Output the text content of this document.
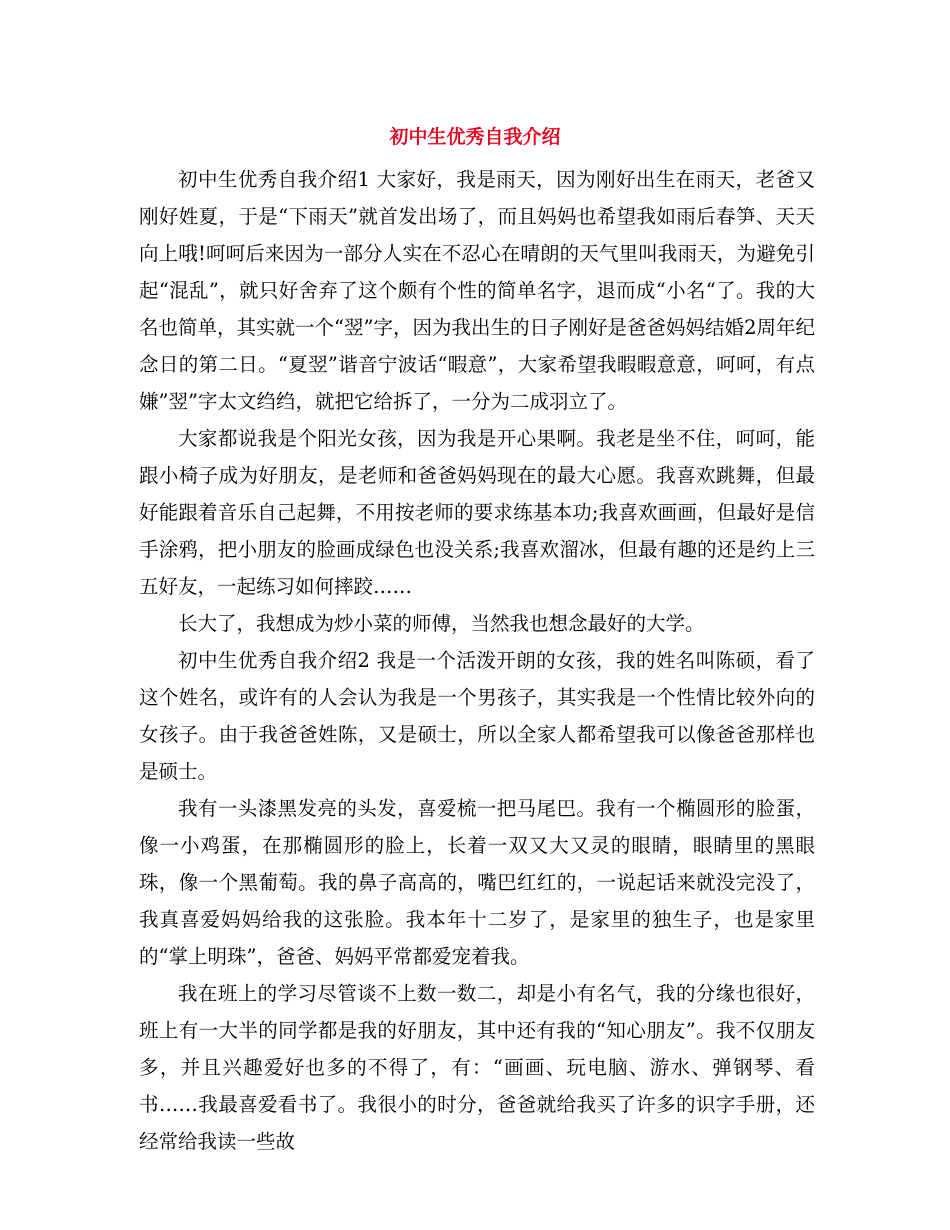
初中生优秀自我介绍

初中生优秀自我介绍1 大家好，我是雨天，因为刚好出生在雨天，老爸又刚好姓夏，于是“下雨天”就首发出场了，而且妈妈也希望我如雨后春笋、天天向上哦!呵呵后来因为一部分人实在不忍心在晴朗的天气里叫我雨天，为避免引起“混乱”，就只好舍弃了这个颇有个性的简单名字，退而成“小名“了。我的大名也简单，其实就一个“翌”字，因为我出生的日子刚好是爸爸妈妈结婚2周年纪念日的第二日。“夏翌”谐音宁波话“暇意”，大家希望我暇暇意意，呵呵，有点嫌”翌”字太文绉绉，就把它给拆了，一分为二成羽立了。

大家都说我是个阳光女孩，因为我是开心果啊。我老是坐不住，呵呵，能跟小椅子成为好朋友，是老师和爸爸妈妈现在的最大心愿。我喜欢跳舞，但最好能跟着音乐自己起舞，不用按老师的要求练基本功;我喜欢画画，但最好是信手涂鸦，把小朋友的脸画成绿色也没关系;我喜欢溜冰，但最有趣的还是约上三五好友，一起练习如何摔跤……

长大了，我想成为炒小菜的师傅，当然我也想念最好的大学。

初中生优秀自我介绍2 我是一个活泼开朗的女孩，我的姓名叫陈硕，看了这个姓名，或许有的人会认为我是一个男孩子，其实我是一个性情比较外向的女孩子。由于我爸爸姓陈，又是硕士，所以全家人都希望我可以像爸爸那样也是硕士。

我有一头漆黑发亮的头发，喜爱梳一把马尾巴。我有一个椭圆形的脸蛋，像一小鸡蛋，在那椭圆形的脸上，长着一双又大又灵的眼睛，眼睛里的黑眼珠，像一个黑葡萄。我的鼻子高高的，嘴巴红红的，一说起话来就没完没了，我真喜爱妈妈给我的这张脸。我本年十二岁了，是家里的独生子，也是家里的“掌上明珠”，爸爸、妈妈平常都爱宠着我。

我在班上的学习尽管谈不上数一数二，却是小有名气，我的分缘也很好，班上有一大半的同学都是我的好朋友，其中还有我的“知心朋友”。我不仅朋友多，并且兴趣爱好也多的不得了，有：“画画、玩电脑、游水、弹钢琴、看书……我最喜爱看书了。我很小的时分，爸爸就给我买了许多的识字手册，还经常给我读一些故
